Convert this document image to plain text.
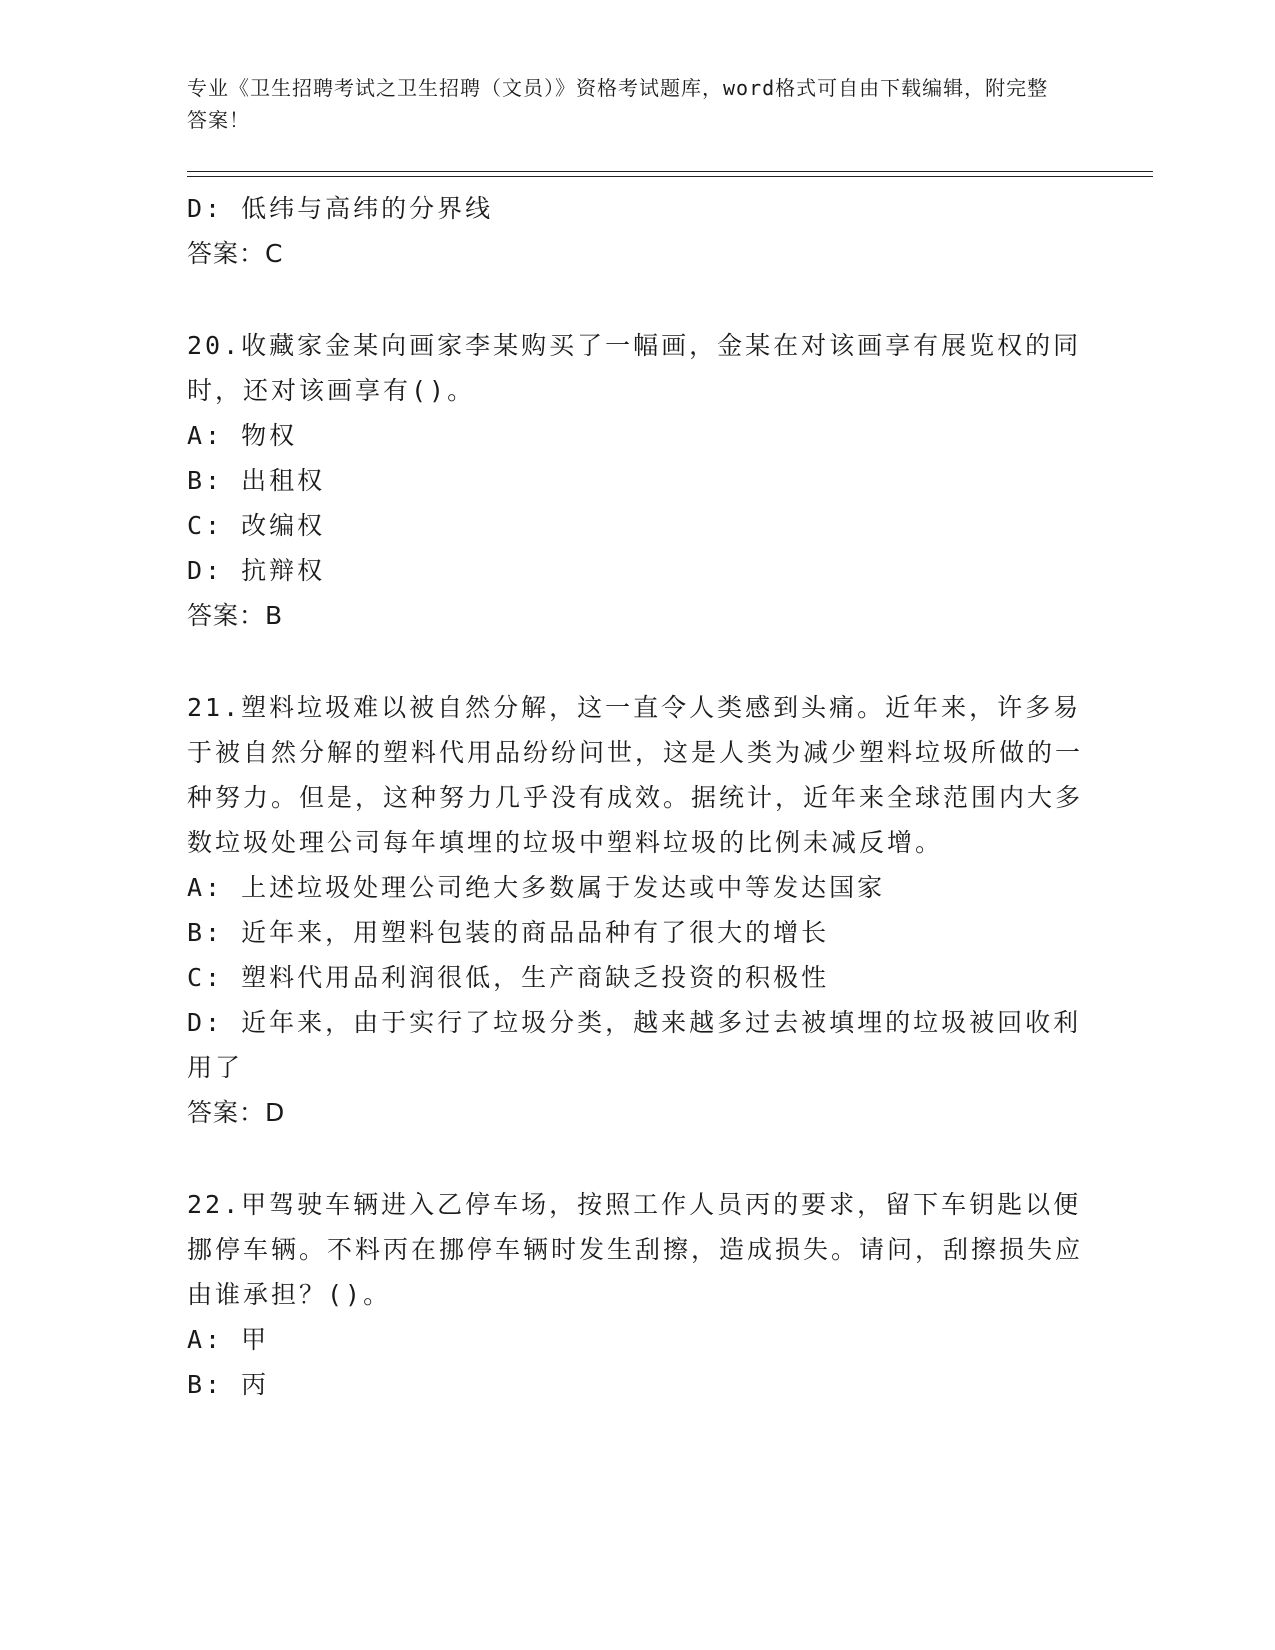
专业《卫生招聘考试之卫生招聘（文员）》资格考试题库，word格式可自由下载编辑，附完整答案！
D: 低纬与高纬的分界线
答案：C
20.收藏家金某向画家李某购买了一幅画，金某在对该画享有展览权的同时，还对该画享有()。
A: 物权
B: 出租权
C: 改编权
D: 抗辩权
答案：B
21.塑料垃圾难以被自然分解，这一直令人类感到头痛。近年来，许多易于被自然分解的塑料代用品纷纷问世，这是人类为减少塑料垃圾所做的一种努力。但是，这种努力几乎没有成效。据统计，近年来全球范围内大多数垃圾处理公司每年填埋的垃圾中塑料垃圾的比例未减反增。
A: 上述垃圾处理公司绝大多数属于发达或中等发达国家
B: 近年来，用塑料包装的商品品种有了很大的增长
C: 塑料代用品利润很低，生产商缺乏投资的积极性
D: 近年来，由于实行了垃圾分类，越来越多过去被填埋的垃圾被回收利用了
答案：D
22.甲驾驶车辆进入乙停车场，按照工作人员丙的要求，留下车钥匙以便挪停车辆。不料丙在挪停车辆时发生刮擦，造成损失。请问，刮擦损失应由谁承担？()。
A: 甲
B: 丙
